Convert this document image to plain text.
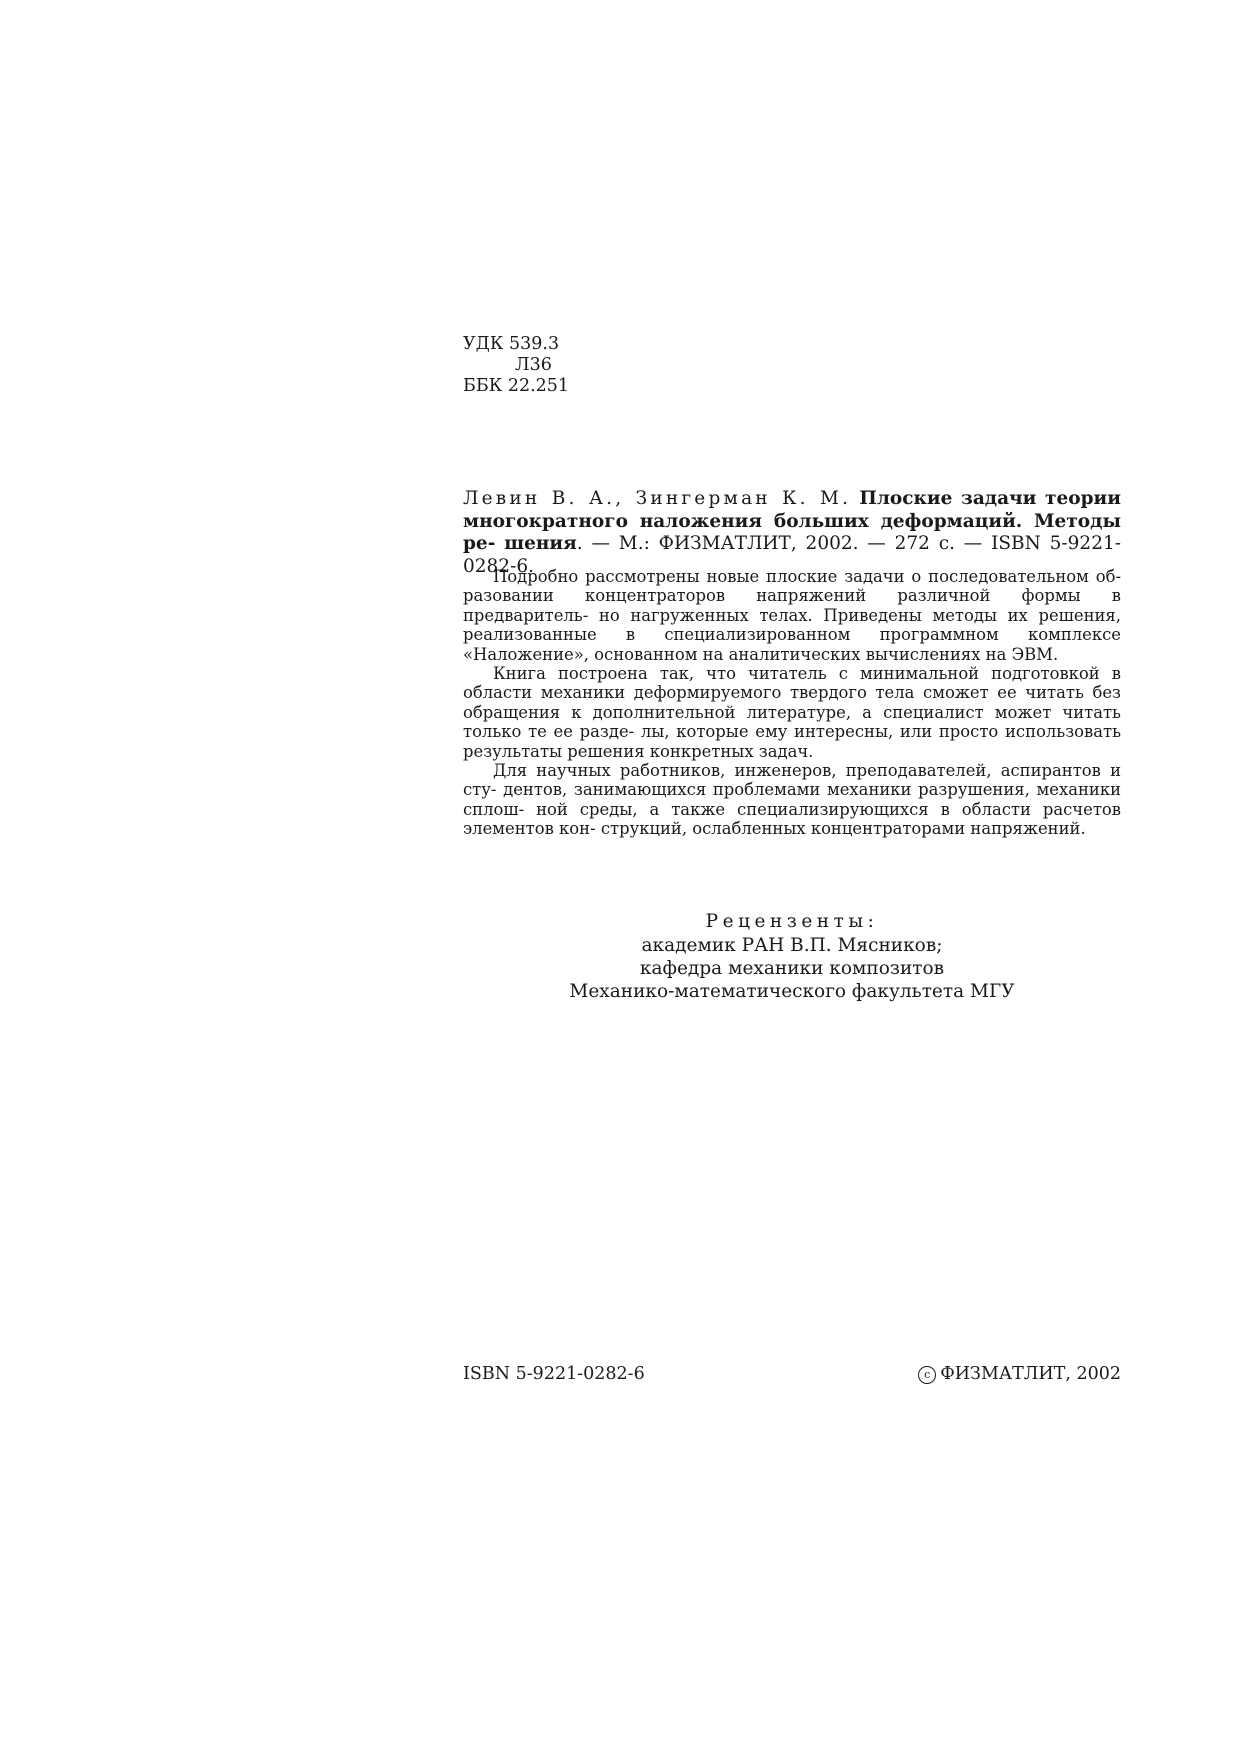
УДК 539.3
Л36
ББК 22.251
Левин В. А., Зингерман К. М. Плоские задачи теории многократного наложения больших деформаций. Методы ре- шения. — М.: ФИЗМАТЛИТ, 2002. — 272 с. — ISBN 5-9221-0282-6.

Подробно рассмотрены новые плоские задачи о последовательном об- разовании концентраторов напряжений различной формы в предваритель- но нагруженных телах. Приведены методы их решения, реализованные в специализированном программном комплексе «Наложение», основанном на аналитических вычислениях на ЭВМ.

Книга построена так, что читатель с минимальной подготовкой в области механики деформируемого твердого тела сможет ее читать без обращения к дополнительной литературе, а специалист может читать только те ее разде- лы, которые ему интересны, или просто использовать результаты решения конкретных задач.

Для научных работников, инженеров, преподавателей, аспирантов и сту- дентов, занимающихся проблемами механики разрушения, механики сплош- ной среды, а также специализирующихся в области расчетов элементов кон- струкций, ослабленных концентраторами напряжений.

Рецензенты:
академик РАН В.П. Мясников;
кафедра механики композитов
Механико-математического факультета МГУ
ISBN 5-9221-0282-6	c ФИЗМАТЛИТ, 2002
